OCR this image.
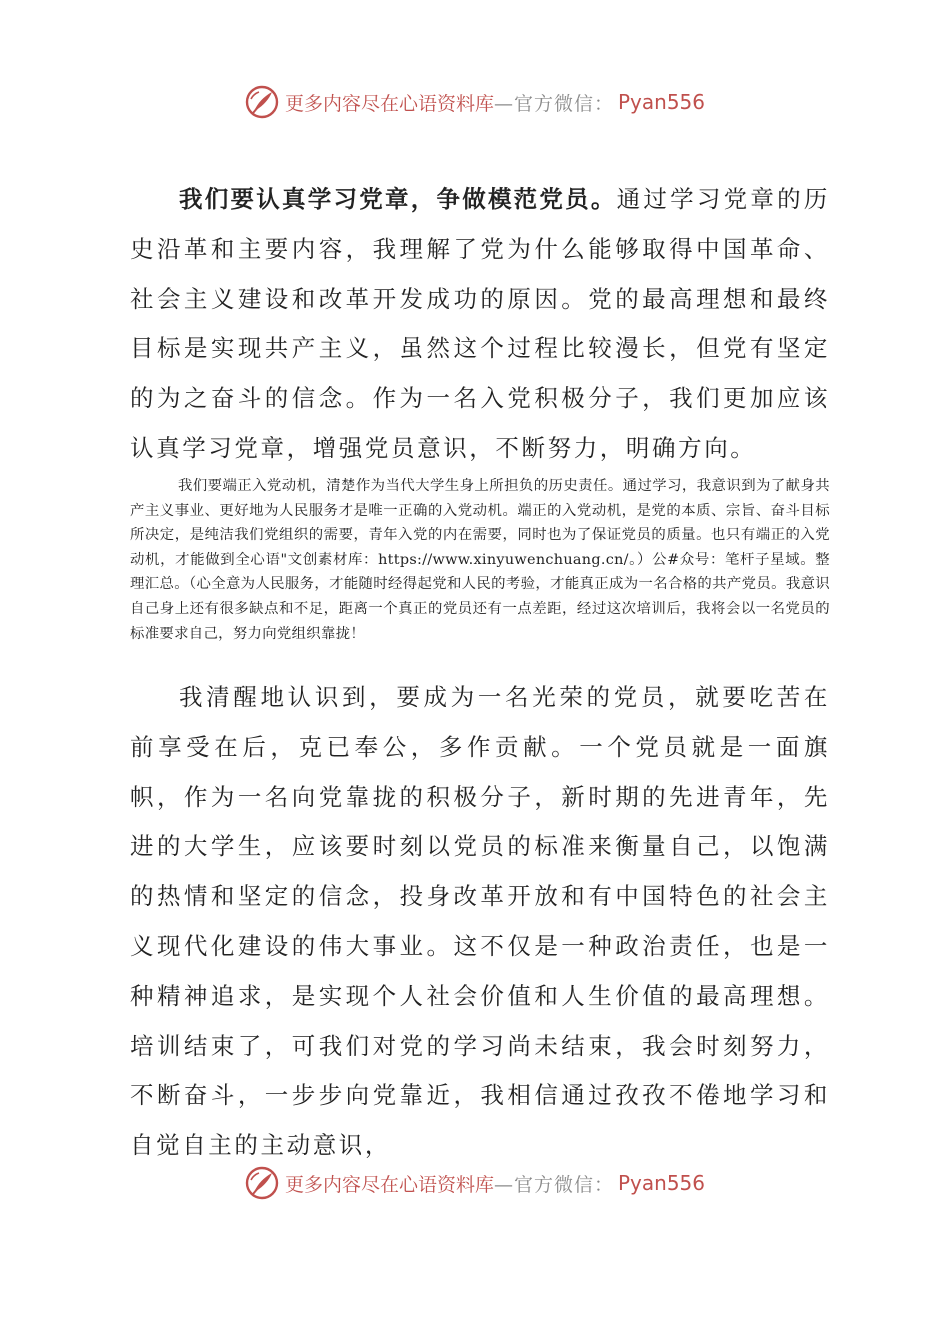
更多内容尽在心语资料库 —官方微信： Pyan556

我们要认真学习党章，争做模范党员。通过学习党章的历史沿革和主要内容，我理解了党为什么能够取得中国革命、社会主义建设和改革开发成功的原因。党的最高理想和最终目标是实现共产主义，虽然这个过程比较漫长，但党有坚定的为之奋斗的信念。作为一名入党积极分子，我们更加应该认真学习党章，增强党员意识，不断努力，明确方向。

我们要端正入党动机，清楚作为当代大学生身上所担负的历史责任。通过学习，我意识到为了献身共产主义事业、更好地为人民服务才是唯一正确的入党动机。端正的入党动机，是党的本质、宗旨、奋斗目标所决定，是纯洁我们党组织的需要，青年入党的内在需要，同时也为了保证党员的质量。也只有端正的入党动机，才能做到全心语"文创素材库：https://www.xinyuwenchuang.cn/。）公#众号：笔杆子星域。整理汇总。（心全意为人民服务，才能随时经得起党和人民的考验，才能真正成为一名合格的共产党员。我意识自己身上还有很多缺点和不足，距离一个真正的党员还有一点差距，经过这次培训后，我将会以一名党员的标准要求自己，努力向党组织靠拢！

我清醒地认识到，要成为一名光荣的党员，就要吃苦在前享受在后，克已奉公，多作贡献。一个党员就是一面旗帜，作为一名向党靠拢的积极分子，新时期的先进青年，先进的大学生，应该要时刻以党员的标准来衡量自己，以饱满的热情和坚定的信念，投身改革开放和有中国特色的社会主义现代化建设的伟大事业。这不仅是一种政治责任，也是一种精神追求，是实现个人社会价值和人生价值的最高理想。培训结束了，可我们对党的学习尚未结束，我会时刻努力，不断奋斗，一步步向党靠近，我相信通过孜孜不倦地学习和自觉自主的主动意识，

更多内容尽在心语资料库 —官方微信： Pyan556
